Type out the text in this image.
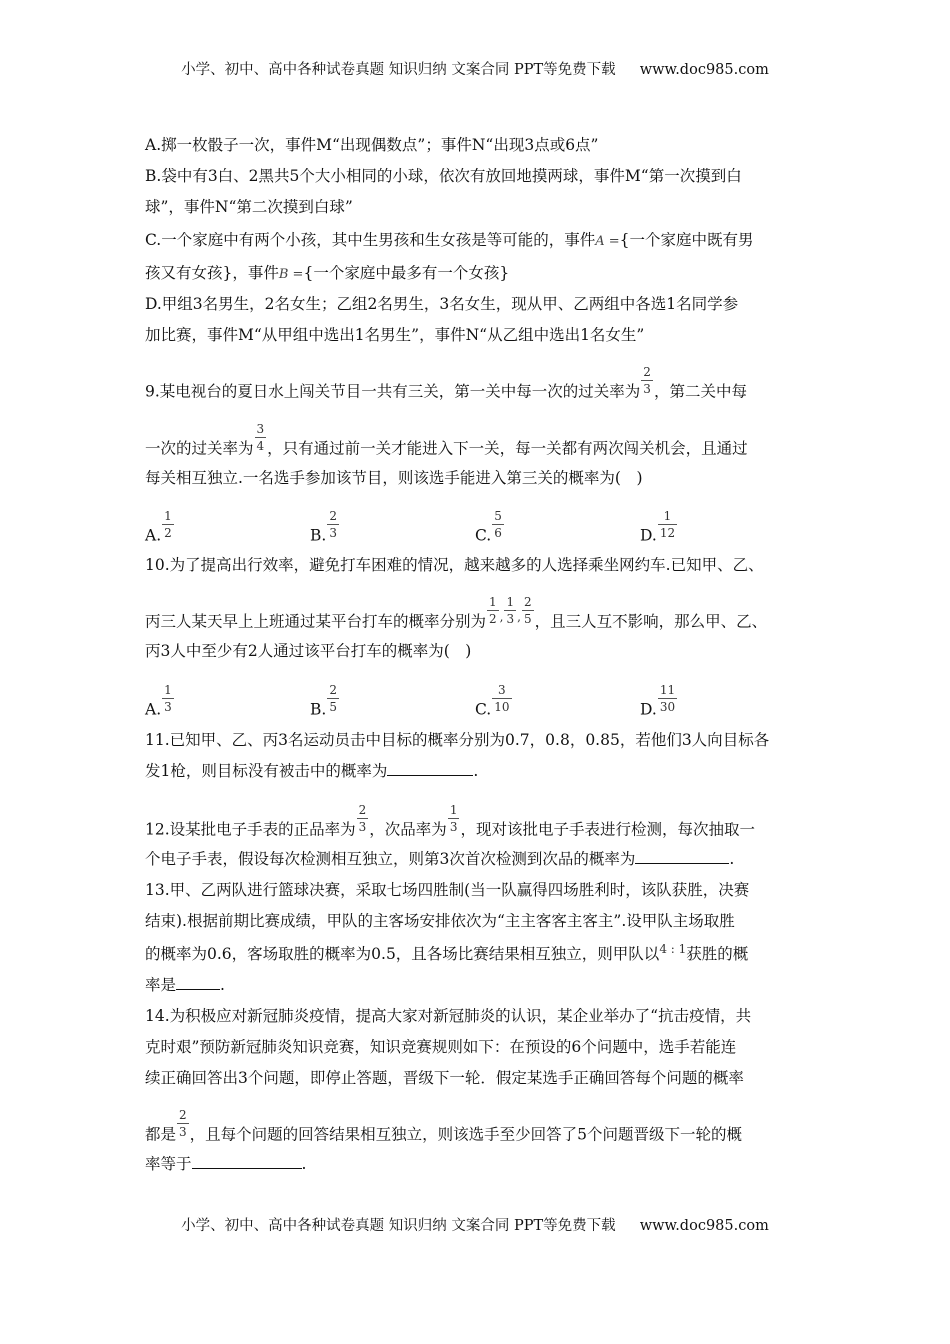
小学、初中、高中各种试卷真题 知识归纳 文案合同 PPT等免费下载 www.doc985.com
A.掷一枚骰子一次，事件M“出现偶数点”；事件N“出现3点或6点”
B.袋中有3白、2黑共5个大小相同的小球，依次有放回地摸两球，事件M“第一次摸到白
球”，事件N“第二次摸到白球”
C.一个家庭中有两个小孩，其中生男孩和生女孩是等可能的，事件A ={一个家庭中既有男
孩又有女孩}，事件B ={一个家庭中最多有一个女孩}
D.甲组3名男生，2名女生；乙组2名男生，3名女生，现从甲、乙两组中各选1名同学参
加比赛，事件M“从甲组中选出1名男生”，事件N“从乙组中选出1名女生”
9.某电视台的夏日水上闯关节目一共有三关，第一关中每一次的过关率为 $\frac{2}{3}$ ，第二关中每
一次的过关率为 $\frac{3}{4}$ ，只有通过前一关才能进入下一关，每一关都有两次闯关机会，且通过
每关相互独立.一名选手参加该节目，则该选手能进入第三关的概率为(　)
A. $\frac{1}{2}$	B. $\frac{2}{3}$	C. $\frac{5}{6}$	D. $\frac{1}{12}$
10.为了提高出行效率，避免打车困难的情况，越来越多的人选择乘坐网约车.已知甲、乙、
丙三人某天早上上班通过某平台打车的概率分别为 $\frac{1}{2} ^, \frac{1}{3} ^, \frac{2}{5}$ ，且三人互不影响，那么甲、乙、
丙3人中至少有2人通过该平台打车的概率为(　)
A. $\frac{1}{3}$	B. $\frac{2}{5}$	C. $\frac{3}{10}$	D. $\frac{11}{30}$
11.已知甲、乙、丙3名运动员击中目标的概率分别为0.7，0.8，0.85，若他们3人向目标各
发1枪，则目标没有被击中的概率为	.
12.设某批电子手表的正品率为 $\frac{2}{3}$ ，次品率为 $\frac{1}{3}$ ，现对该批电子手表进行检测，每次抽取一
个电子手表，假设每次检测相互独立，则第3次首次检测到次品的概率为	.
13.甲、乙两队进行篮球决赛，采取七场四胜制(当一队赢得四场胜利时，该队获胜，决赛
结束).根据前期比赛成绩，甲队的主客场安排依次为“主主客客主客主”.设甲队主场取胜
的概率为0.6，客场取胜的概率为0.5，且各场比赛结果相互独立，则甲队以$^{4 : 1}$获胜的概
率是	.
14.为积极应对新冠肺炎疫情，提高大家对新冠肺炎的认识，某企业举办了“抗击疫情，共
克时艰”预防新冠肺炎知识竞赛，知识竞赛规则如下：在预设的6个问题中，选手若能连
续正确回答出3个问题，即停止答题，晋级下一轮．假定某选手正确回答每个问题的概率
都是 $\frac{2}{3}$ ，且每个问题的回答结果相互独立，则该选手至少回答了5个问题晋级下一轮的概
率等于	.
小学、初中、高中各种试卷真题 知识归纳 文案合同 PPT等免费下载 www.doc985.com
